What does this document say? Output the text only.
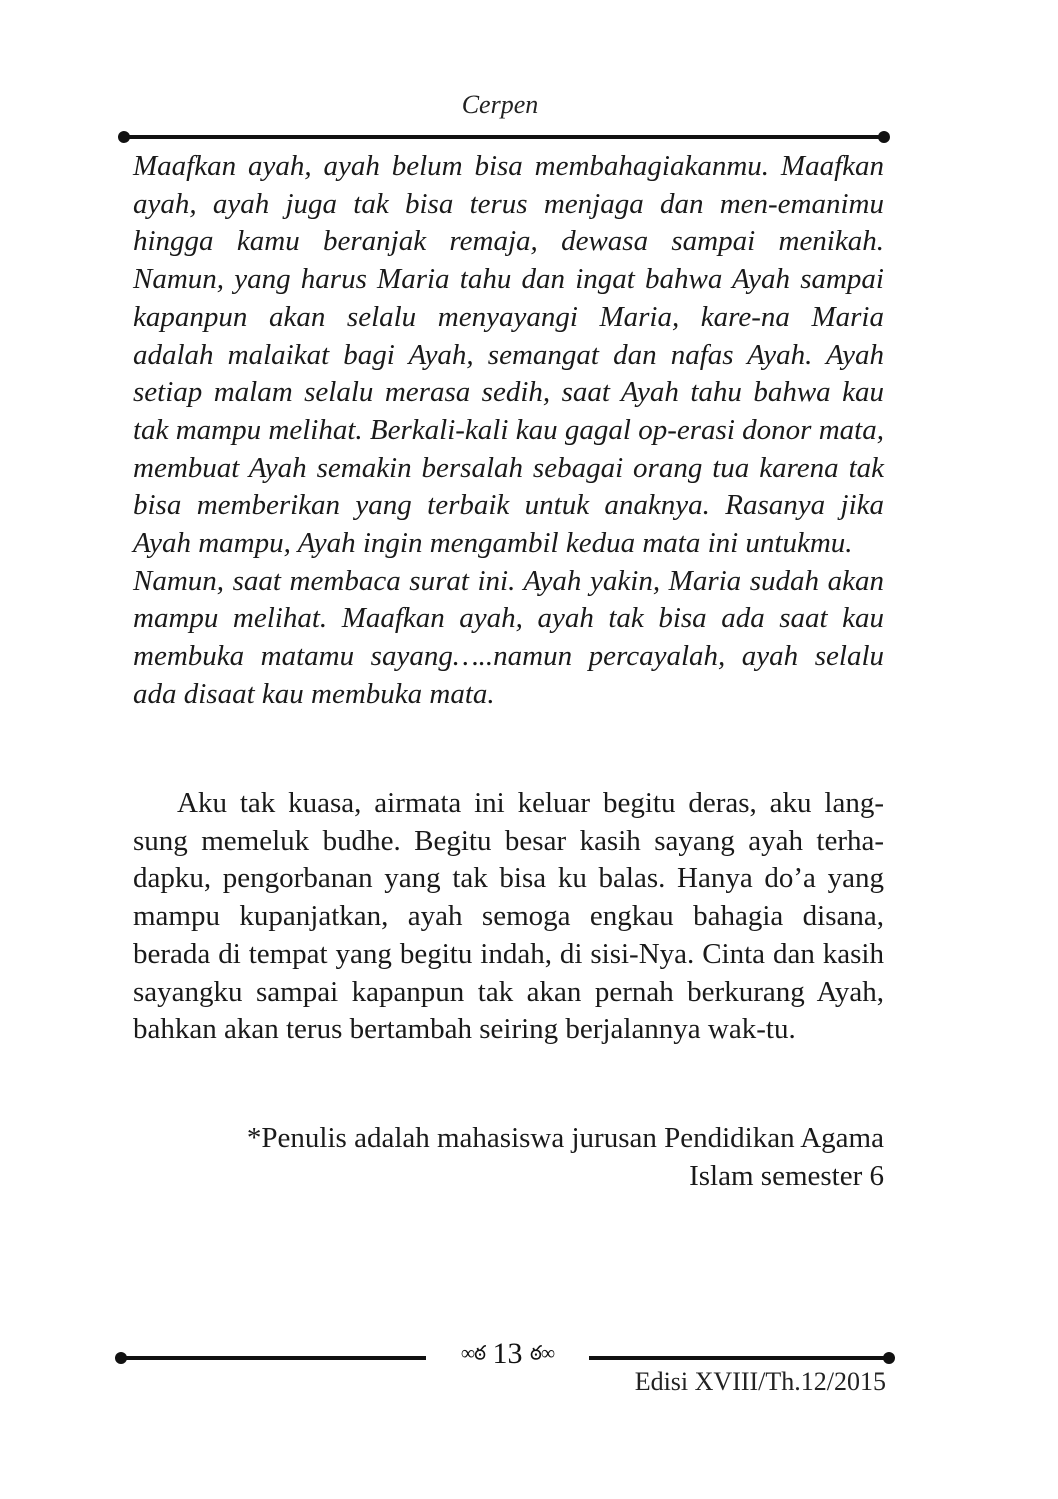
Cerpen

Maafkan ayah, ayah belum bisa membahagiakanmu. Maafkan ayah, ayah juga tak bisa terus menjaga dan men-emanimu hingga kamu beranjak remaja, dewasa sampai menikah. Namun, yang harus Maria tahu dan ingat bahwa Ayah sampai kapanpun akan selalu menyayangi Maria, kare-na Maria adalah malaikat bagi Ayah, semangat dan nafas Ayah. Ayah setiap malam selalu merasa sedih, saat Ayah tahu bahwa kau tak mampu melihat. Berkali-kali kau gagal op-erasi donor mata, membuat Ayah semakin bersalah sebagai orang tua karena tak bisa memberikan yang terbaik untuk anaknya. Rasanya jika Ayah mampu, Ayah ingin mengambil kedua mata ini untukmu.

Namun, saat membaca surat ini. Ayah yakin, Maria sudah akan mampu melihat. Maafkan ayah, ayah tak bisa ada saat kau membuka matamu sayang…..namun percayalah, ayah selalu ada disaat kau membuka mata.

Aku tak kuasa, airmata ini keluar begitu deras, aku lang-sung memeluk budhe. Begitu besar kasih sayang ayah terha-dapku, pengorbanan yang tak bisa ku balas. Hanya do’a yang mampu kupanjatkan, ayah semoga engkau bahagia disana, berada di tempat yang begitu indah, di sisi-Nya. Cinta dan kasih sayangku sampai kapanpun tak akan pernah berkurang Ayah, bahkan akan terus bertambah seiring berjalannya wak-tu.

*Penulis adalah mahasiswa jurusan Pendidikan Agama
Islam semester 6
∞ఠ 13 ఠ∞
Edisi XVIII/Th.12/2015
